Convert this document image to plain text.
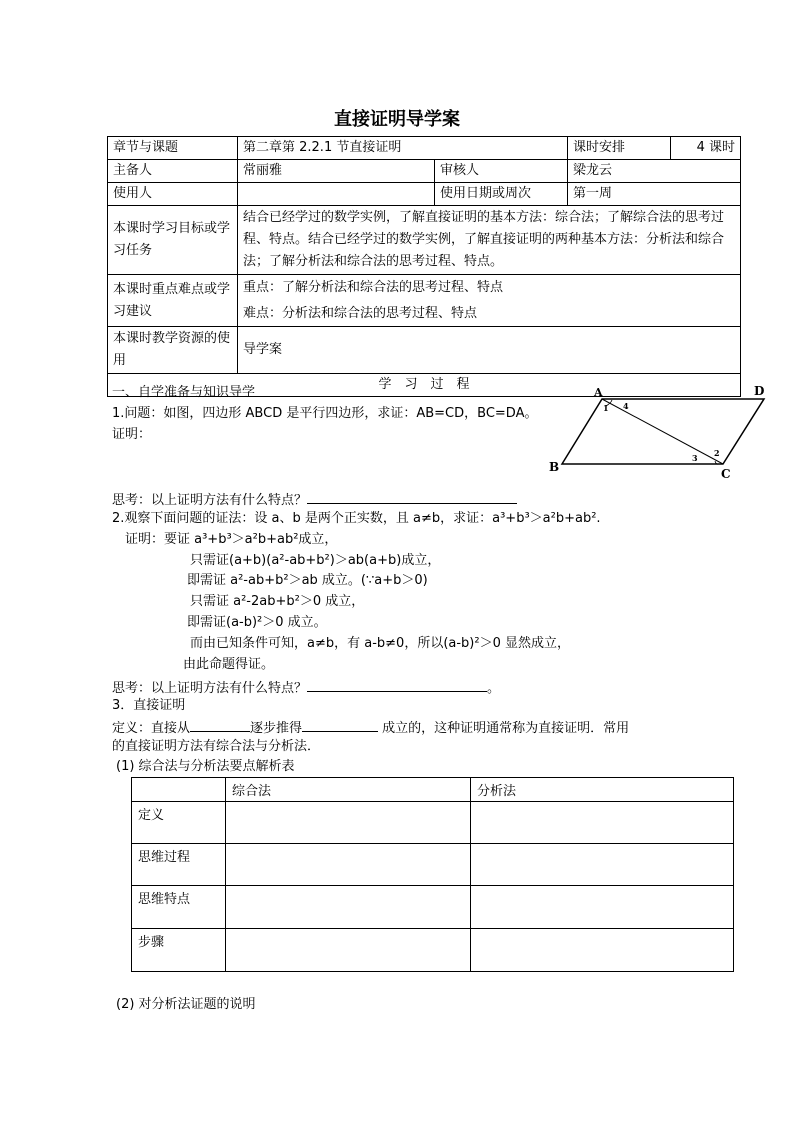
直接证明导学案
章节与课题	第二章第 2.2.1 节直接证明		课时安排	4 课时
主备人	常丽雅	审核人	梁龙云	
使用人		使用日期或周次	第一周	
本课时学习目标或学习任务	结合已经学过的数学实例，了解直接证明的基本方法：综合法；了解综合法的思考过程、特点。结合已经学过的数学实例，了解直接证明的两种基本方法：分析法和综合法；了解分析法和综合法的思考过程、特点。			
本课时重点难点或学习建议	重点：了解分析法和综合法的思考过程、特点
难点：分析法和综合法的思考过程、特点			

本课时教学资源的使用	导学案			
学　习　过　程				
A	D
B	C
1 4
3 2
一、自学准备与知识导学
1.问题：如图，四边形 ABCD 是平行四边形，求证：AB=CD，BC=DA。
证明：
思考：以上证明方法有什么特点？
2.观察下面问题的证法：设 a、b 是两个正实数，且 a≠b，求证：a³+b³＞a²b+ab².
证明：要证 a³+b³＞a²b+ab²成立，
只需证(a+b)(a²-ab+b²)＞ab(a+b)成立，
即需证 a²-ab+b²＞ab 成立。(∵a+b＞0)
只需证 a²-2ab+b²＞0 成立，
即需证(a-b)²＞0 成立。
而由已知条件可知，a≠b，有 a-b≠0，所以(a-b)²＞0 显然成立，
由此命题得证。
思考：以上证明方法有什么特点？	。
3．直接证明
定义：直接从	逐步推得	成立的，这种证明通常称为直接证明．常用
的直接证明方法有综合法与分析法．
(1) 综合法与分析法要点解析表
	综合法	分析法
定义		
思维过程		
思维特点		
步骤		
(2) 对分析法证题的说明
